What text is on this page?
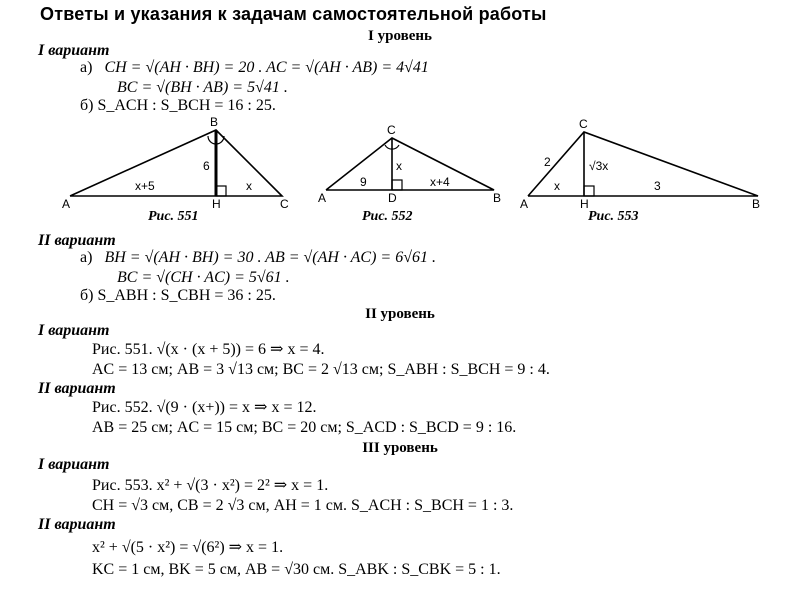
Ответы и указания к задачам самостоятельной работы
I уровень
I вариант
а) CH = √(AH · BH) = 20 . AC = √(AH · AB) = 4√41
BC = √(BH · AB) = 5√41 .
б) S_ACH : S_BCH = 16 : 25.
A
B
C
H
6
x+5	x
Рис. 551
A
C
B
D
x
9	x+4
Рис. 552
A
C
B
H
2	√3x
x	3
Рис. 553
II вариант
а) BH = √(AH · BH) = 30 . AB = √(AH · AC) = 6√61 .
BC = √(CH · AC) = 5√61 .
б) S_ABH : S_CBH = 36 : 25.
II уровень
I вариант
Рис. 551. √(x · (x + 5)) = 6 ⇒ x = 4.
AC = 13 см; AB = 3 √13 см; BC = 2 √13 см; S_ABH : S_BCH = 9 : 4.
II вариант
Рис. 552. √(9 · (x+)) = x ⇒ x = 12.
AB = 25 см; AC = 15 см; BC = 20 см; S_ACD : S_BCD = 9 : 16.
III уровень
I вариант
Рис. 553. x² + √(3 · x²) = 2² ⇒ x = 1.
CH = √3 см, CB = 2 √3 см, AH = 1 см. S_ACH : S_BCH = 1 : 3.
II вариант
x² + √(5 · x²) = √(6²) ⇒ x = 1.
KC = 1 см, BK = 5 см, AB = √30 см. S_ABK : S_CBK = 5 : 1.
